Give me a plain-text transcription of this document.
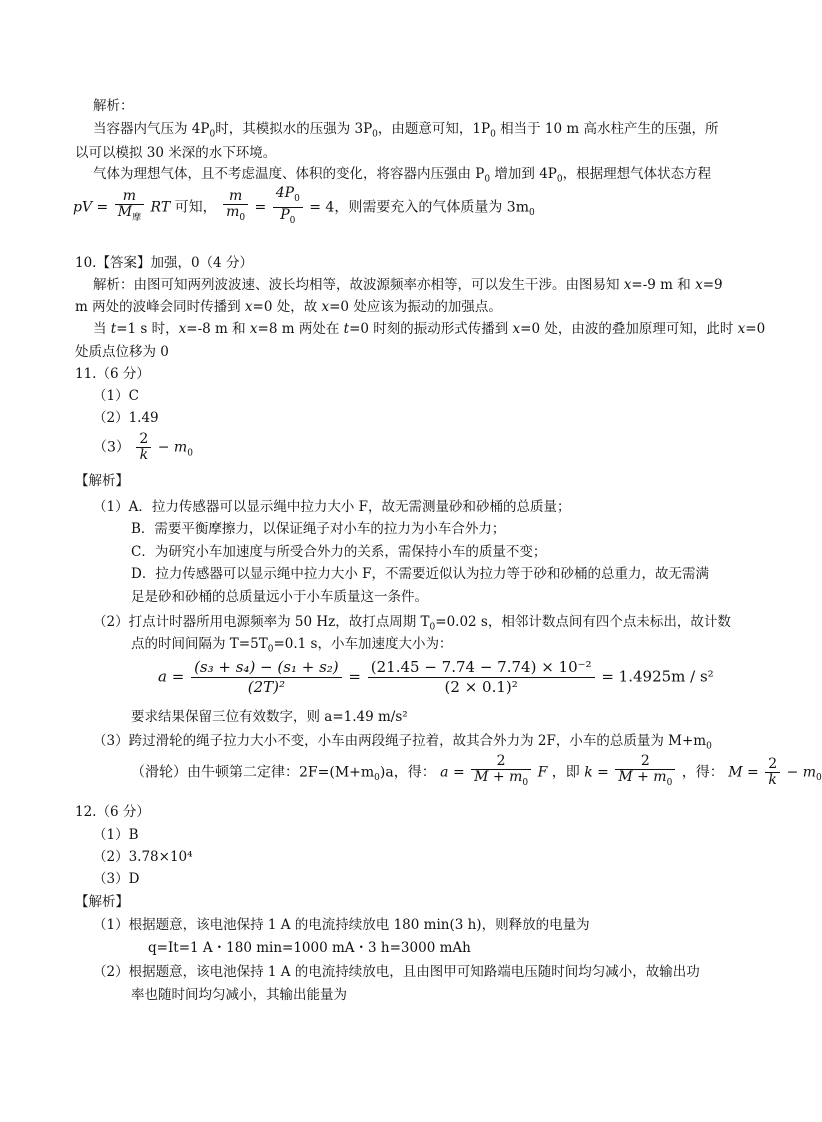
解析：
当容器内气压为 $4P_0$时，其模拟水的压强为 $3P_0$，由题意可知，$1P_0$ 相当于 10 m 高水柱产生的压强，所
以可以模拟 30 米深的水下环境。
气体为理想气体，且不考虑温度、体积的变化，将容器内压强由 $P_0$ 增加到 $4P_0$，根据理想气体状态方程
pV = $\frac{m}{M_摩}$ RT 可知， $\frac{m}{m_0} = \frac{4P_0}{P_0} = 4$，则需要充入的气体质量为 $3m_0$
10.【答案】加强，0（4 分）
解析：由图可知两列波波速、波长均相等，故波源频率亦相等，可以发生干涉。由图易知 x=-9 m 和 x=9
m 两处的波峰会同时传播到 x=0 处，故 x=0 处应该为振动的加强点。
当 t=1 s 时，x=-8 m 和 x=8 m 两处在 t=0 时刻的振动形式传播到 x=0 处，由波的叠加原理可知，此时 x=0
处质点位移为 0
11.（6 分）
（1）C
（2）1.49
$(3) \frac{2}{k} - m_0$
【解析】
（1）A．拉力传感器可以显示绳中拉力大小 F，故无需测量砂和砂桶的总质量；
B．需要平衡摩擦力，以保证绳子对小车的拉力为小车合外力；
C．为研究小车加速度与所受合外力的关系，需保持小车的质量不变；
D．拉力传感器可以显示绳中拉力大小 F，不需要近似认为拉力等于砂和砂桶的总重力，故无需满
足是砂和砂桶的总质量远小于小车质量这一条件。
（2）打点计时器所用电源频率为 50 Hz，故打点周期 $T_0=0.02$ s，相邻计数点间有四个点未标出，故计数
点的时间间隔为 $T=5T_0=0.1$ s，小车加速度大小为：
$a = \frac{\text{(s₃ + s₄) − (s₁ + s₂)}}{\text{(2T)²}} = \frac{\text{(21.45 − 7.74 − 7.74) × 10⁻²}}{\text{(2 × 0.1)²}} = 1.4925m / s^2$
要求结果保留三位有效数字，则 a=1.49 m/s²
（3）跨过滑轮的绳子拉力大小不变，小车由两段绳子拉着，故其合外力为 2F，小车的总质量为 $M+m_0$
（滑轮）由牛顿第二定律：$2F=(M+m_0)a$，得： $a = \frac{2}{M + m_0}$ F ，即 $k = \frac{2}{M + m_0}$ ，得： $M = \frac{2}{k} - m_0$
12.（6 分）
（1）B
（2）3.78×10⁴
（3）D
【解析】
（1）根据题意，该电池保持 1 A 的电流持续放电 180 min(3 h)，则释放的电量为
q=It=1 A・180 min=1000 mA・3 h=3000 mAh
（2）根据题意，该电池保持 1 A 的电流持续放电，且由图甲可知路端电压随时间均匀减小，故输出功
率也随时间均匀减小，其输出能量为
